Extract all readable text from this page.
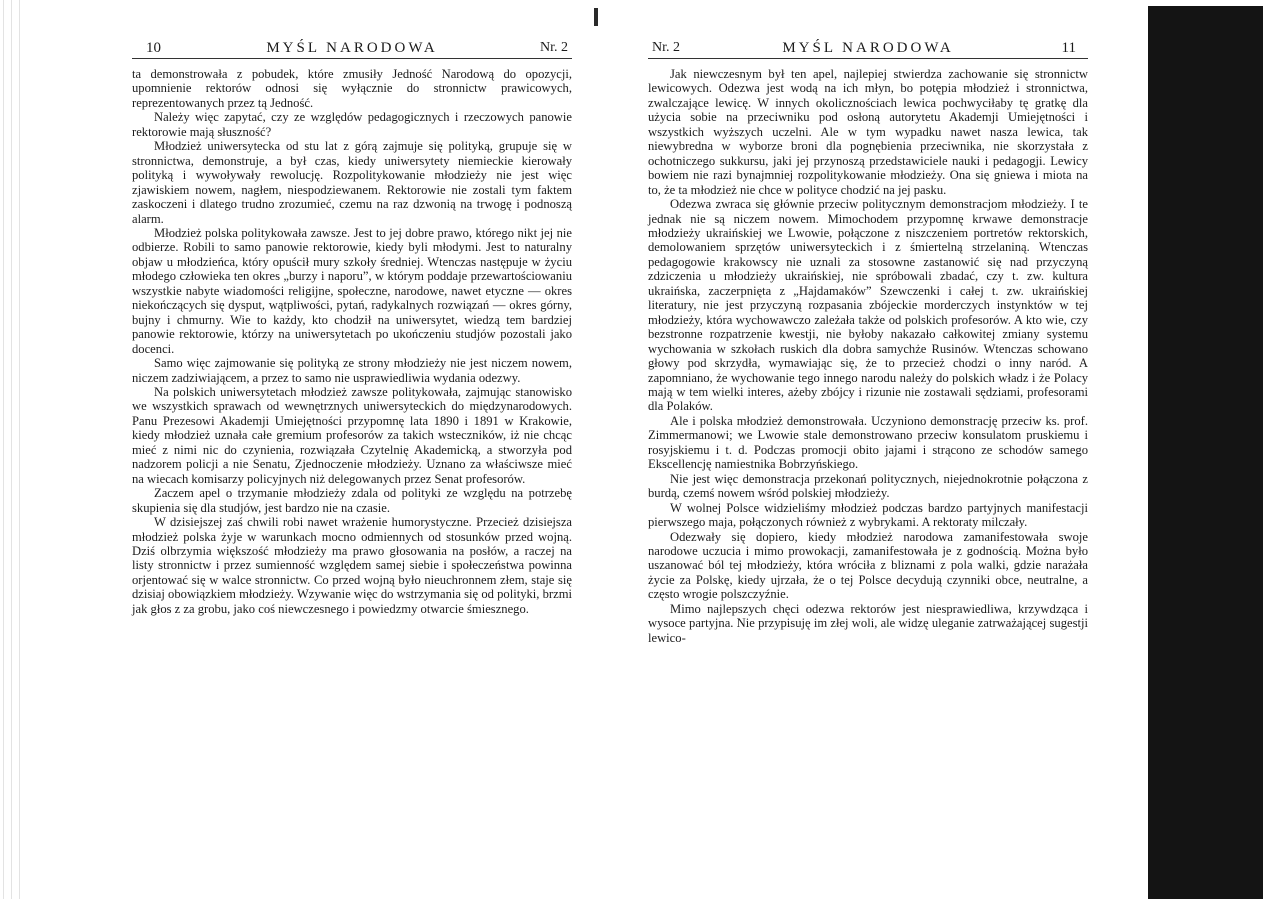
10	MYŚL NARODOWA	Nr. 2

ta demonstrowała z pobudek, które zmusiły Jedność Narodową do opozycji, upomnienie rektorów odnosi się wyłącznie do stronnictw prawicowych, reprezentowanych przez tą Jedność.

Należy więc zapytać, czy ze względów pedagogicznych i rzeczowych panowie rektorowie mają słuszność?

Młodzież uniwersytecka od stu lat z górą zajmuje się polityką, grupuje się w stronnictwa, demonstruje, a był czas, kiedy uniwersytety niemieckie kierowały polityką i wywoływały rewolucję. Rozpolitykowanie młodzieży nie jest więc zjawiskiem nowem, nagłem, niespodziewanem. Rektorowie nie zostali tym faktem zaskoczeni i dlatego trudno zrozumieć, czemu na raz dzwonią na trwogę i podnoszą alarm.

Młodzież polska politykowała zawsze. Jest to jej dobre prawo, którego nikt jej nie odbierze. Robili to samo panowie rektorowie, kiedy byli młodymi. Jest to naturalny objaw u młodzieńca, który opuścił mury szkoły średniej. Wtenczas następuje w życiu młodego człowieka ten okres „burzy i naporu”, w którym poddaje przewartościowaniu wszystkie nabyte wiadomości religijne, społeczne, narodowe, nawet etyczne — okres niekończących się dysput, wątpliwości, pytań, radykalnych rozwiązań — okres górny, bujny i chmurny. Wie to każdy, kto chodził na uniwersytet, wiedzą tem bardziej panowie rektorowie, którzy na uniwersytetach po ukończeniu studjów pozostali jako docenci.

Samo więc zajmowanie się polityką ze strony młodzieży nie jest niczem nowem, niczem zadziwiającem, a przez to samo nie usprawiedliwia wydania odezwy.

Na polskich uniwersytetach młodzież zawsze politykowała, zajmując stanowisko we wszystkich sprawach od wewnętrznych uniwersyteckich do międzynarodowych. Panu Prezesowi Akademji Umiejętności przypomnę lata 1890 i 1891 w Krakowie, kiedy młodzież uznała całe gremium profesorów za takich wsteczników, iż nie chcąc mieć z nimi nic do czynienia, rozwiązała Czytelnię Akademicką, a stworzyła pod nadzorem policji a nie Senatu, Zjednoczenie młodzieży. Uznano za właściwsze mieć na wiecach komisarzy policyjnych niż delegowanych przez Senat profesorów.

Zaczem apel o trzymanie młodzieży zdala od polityki ze względu na potrzebę skupienia się dla studjów, jest bardzo nie na czasie.

W dzisiejszej zaś chwili robi nawet wrażenie humorystyczne. Przecież dzisiejsza młodzież polska żyje w warunkach mocno odmiennych od stosunków przed wojną. Dziś olbrzymia większość młodzieży ma prawo głosowania na posłów, a raczej na listy stronnictw i przez sumienność względem samej siebie i społeczeństwa powinna orjentować się w walce stronnictw. Co przed wojną było nieuchronnem złem, staje się dzisiaj obowiązkiem młodzieży. Wzywanie więc do wstrzymania się od polityki, brzmi jak głos z za grobu, jako coś niewczesnego i powiedzmy otwarcie śmiesznego.

Nr. 2	MYŚL NARODOWA	11

Jak niewczesnym był ten apel, najlepiej stwierdza zachowanie się stronnictw lewicowych. Odezwa jest wodą na ich młyn, bo potępia młodzież i stronnictwa, zwalczające lewicę. W innych okolicznościach lewica pochwyciłaby tę gratkę dla użycia sobie na przeciwniku pod osłoną autorytetu Akademji Umiejętności i wszystkich wyższych uczelni. Ale w tym wypadku nawet nasza lewica, tak niewybredna w wyborze broni dla pognębienia przeciwnika, nie skorzystała z ochotniczego sukkursu, jaki jej przynoszą przedstawiciele nauki i pedagogji. Lewicy bowiem nie razi bynajmniej rozpolitykowanie młodzieży. Ona się gniewa i miota na to, że ta młodzież nie chce w polityce chodzić na jej pasku.

Odezwa zwraca się głównie przeciw politycznym demonstracjom młodzieży. I te jednak nie są niczem nowem. Mimochodem przypomnę krwawe demonstracje młodzieży ukraińskiej we Lwowie, połączone z niszczeniem portretów rektorskich, demolowaniem sprzętów uniwersyteckich i z śmiertelną strzelaniną. Wtenczas pedagogowie krakowscy nie uznali za stosowne zastanowić się nad przyczyną zdziczenia u młodzieży ukraińskiej, nie spróbowali zbadać, czy t. zw. kultura ukraińska, zaczerpnięta z „Hajdamaków” Szewczenki i całej t. zw. ukraińskiej literatury, nie jest przyczyną rozpasania zbójeckie morderczych instynktów w tej młodzieży, która wychowawczo zależała także od polskich profesorów. A kto wie, czy bezstronne rozpatrzenie kwestji, nie byłoby nakazało całkowitej zmiany systemu wychowania w szkołach ruskich dla dobra samychże Rusinów. Wtenczas schowano głowy pod skrzydła, wymawiając się, że to przecież chodzi o inny naród. A zapomniano, że wychowanie tego innego narodu należy do polskich władz i że Polacy mają w tem wielki interes, ażeby zbójcy i rizunie nie zostawali sędziami, profesorami dla Polaków.

Ale i polska młodzież demonstrowała. Uczyniono demonstrację przeciw ks. prof. Zimmermanowi; we Lwowie stale demonstrowano przeciw konsulatom pruskiemu i rosyjskiemu i t. d. Podczas promocji obito jajami i strącono ze schodów samego Ekscellencję namiestnika Bobrzyńskiego.

Nie jest więc demonstracja przekonań politycznych, niejednokrotnie połączona z burdą, czemś nowem wśród polskiej młodzieży.

W wolnej Polsce widzieliśmy młodzież podczas bardzo partyjnych manifestacji pierwszego maja, połączonych również z wybrykami. A rektoraty milczały.

Odezwały się dopiero, kiedy młodzież narodowa zamanifestowała swoje narodowe uczucia i mimo prowokacji, zamanifestowała je z godnością. Można było uszanować ból tej młodzieży, która wróciła z bliznami z pola walki, gdzie narażała życie za Polskę, kiedy ujrzała, że o tej Polsce decydują czynniki obce, neutralne, a często wrogie polszczyźnie.

Mimo najlepszych chęci odezwa rektorów jest niesprawiedliwa, krzywdząca i wysoce partyjna. Nie przypisuję im złej woli, ale widzę uleganie zatrważającej sugestji lewico-
